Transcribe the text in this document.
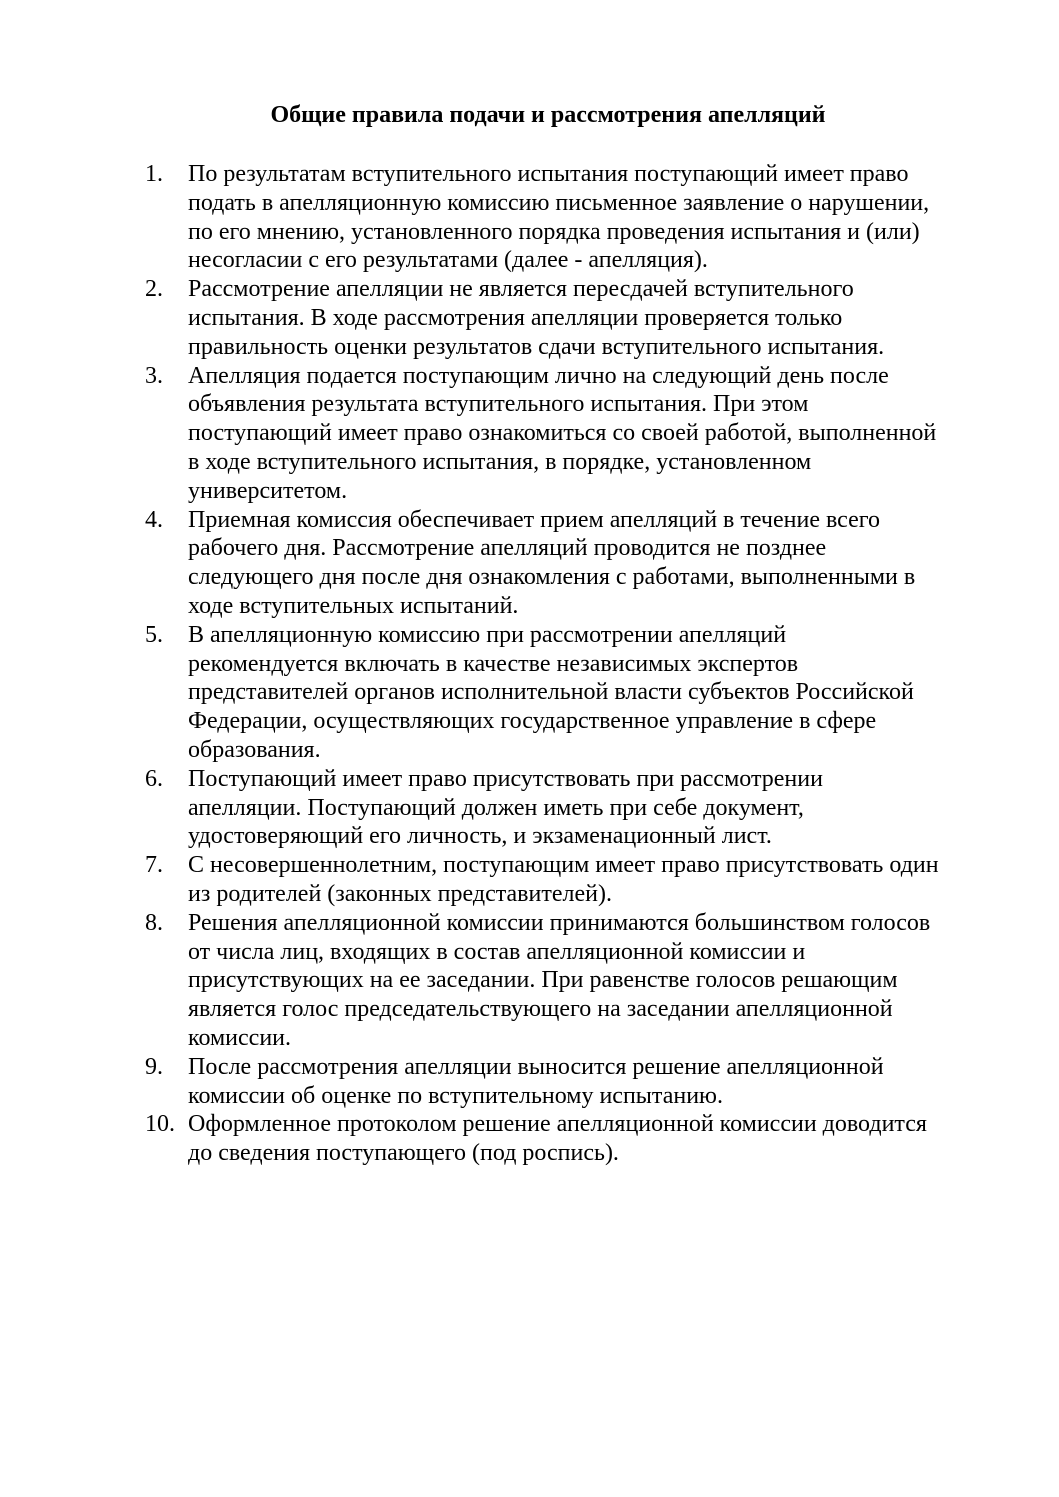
Общие правила подачи и рассмотрения апелляций
1.	По результатам вступительного испытания поступающий имеет право
подать в апелляционную комиссию письменное заявление о нарушении,
по его мнению, установленного порядка проведения испытания и (или)
несогласии с его результатами (далее - апелляция).
2.	Рассмотрение апелляции не является пересдачей вступительного
испытания. В ходе рассмотрения апелляции проверяется только
правильность оценки результатов сдачи вступительного испытания.
3.	Апелляция подается поступающим лично на следующий день после
объявления результата вступительного испытания. При этом
поступающий имеет право ознакомиться со своей работой, выполненной
в ходе вступительного испытания, в порядке, установленном
университетом.
4.	Приемная комиссия обеспечивает прием апелляций в течение всего
рабочего дня. Рассмотрение апелляций проводится не позднее
следующего дня после дня ознакомления с работами, выполненными в
ходе вступительных испытаний.
5.	В апелляционную комиссию при рассмотрении апелляций
рекомендуется включать в качестве независимых экспертов
представителей органов исполнительной власти субъектов Российской
Федерации, осуществляющих государственное управление в сфере
образования.
6.	Поступающий имеет право присутствовать при рассмотрении
апелляции. Поступающий должен иметь при себе документ,
удостоверяющий его личность, и экзаменационный лист.
7.	С несовершеннолетним, поступающим имеет право присутствовать один
из родителей (законных представителей).
8.	Решения апелляционной комиссии принимаются большинством голосов
от числа лиц, входящих в состав апелляционной комиссии и
присутствующих на ее заседании. При равенстве голосов решающим
является голос председательствующего на заседании апелляционной
комиссии.
9.	После рассмотрения апелляции выносится решение апелляционной
комиссии об оценке по вступительному испытанию.
10. Оформленное протоколом решение апелляционной комиссии доводится
до сведения поступающего (под роспись).
